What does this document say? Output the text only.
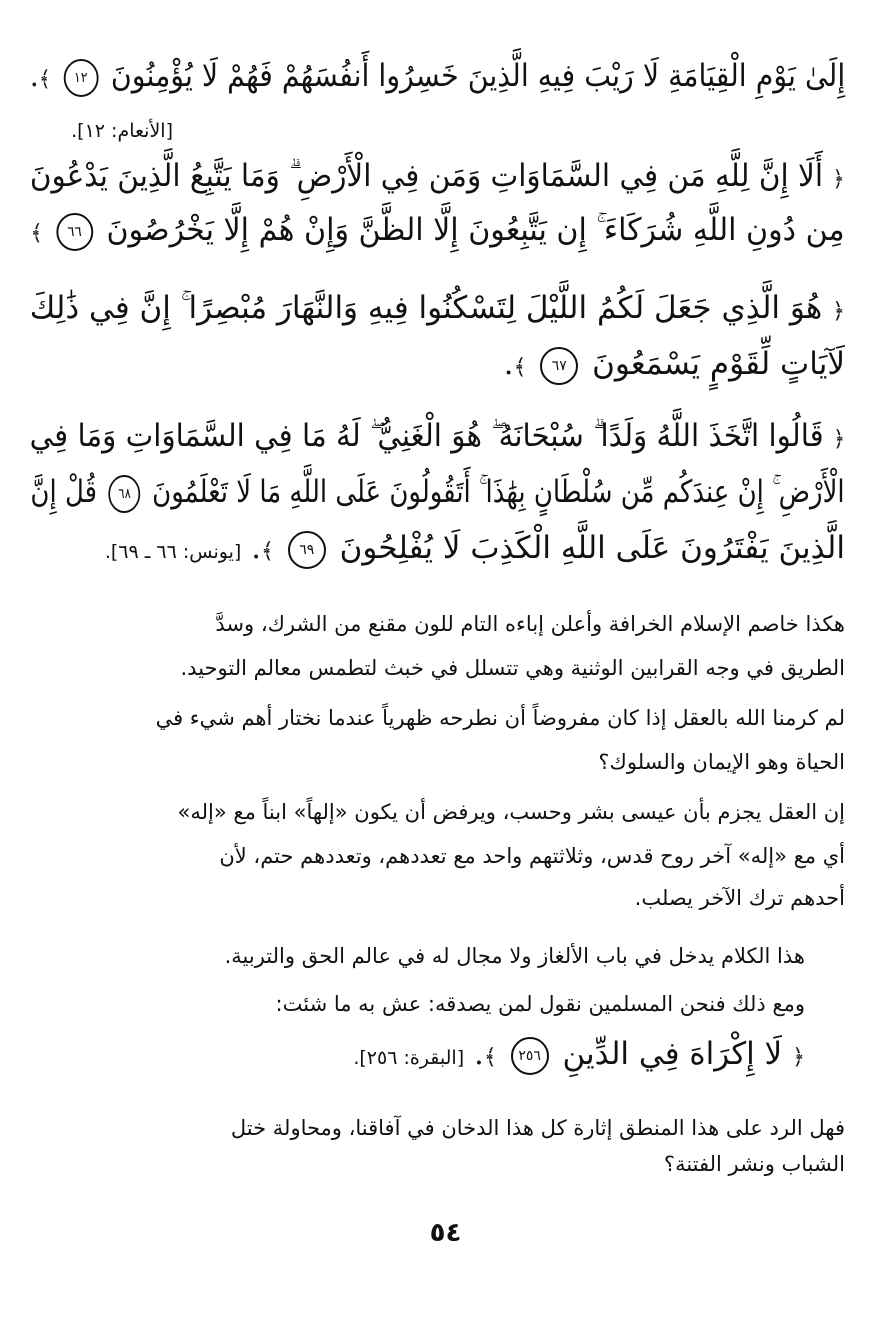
إِلَىٰ يَوْمِ الْقِيَامَةِ لَا رَيْبَ فِيهِ الَّذِينَ خَسِرُوا أَنفُسَهُمْ فَهُمْ لَا يُؤْمِنُونَ ١٢ ﴾.
[الأنعام: ١٢].
﴿ أَلَا إِنَّ لِلَّهِ مَن فِي السَّمَاوَاتِ وَمَن فِي الْأَرْضِ ۗ وَمَا يَتَّبِعُ الَّذِينَ يَدْعُونَ
مِن دُونِ اللَّهِ شُرَكَاءَ ۚ إِن يَتَّبِعُونَ إِلَّا الظَّنَّ وَإِنْ هُمْ إِلَّا يَخْرُصُونَ ٦٦ ﴾
﴿ هُوَ الَّذِي جَعَلَ لَكُمُ اللَّيْلَ لِتَسْكُنُوا فِيهِ وَالنَّهَارَ مُبْصِرًا ۚ إِنَّ فِي ذَٰلِكَ
لَآيَاتٍ لِّقَوْمٍ يَسْمَعُونَ ٦٧ ﴾.
﴿ قَالُوا اتَّخَذَ اللَّهُ وَلَدًا ۗ سُبْحَانَهُ ۖ هُوَ الْغَنِيُّ ۖ لَهُ مَا فِي السَّمَاوَاتِ وَمَا فِي
الْأَرْضِ ۚ إِنْ عِندَكُم مِّن سُلْطَانٍ بِهَٰذَا ۚ أَتَقُولُونَ عَلَى اللَّهِ مَا لَا تَعْلَمُونَ ٦٨ قُلْ إِنَّ
الَّذِينَ يَفْتَرُونَ عَلَى اللَّهِ الْكَذِبَ لَا يُفْلِحُونَ ٦٩ ﴾. [يونس: ٦٦ ـ ٦٩].
هكذا خاصم الإسلام الخرافة وأعلن إباءه التام للون مقنع من الشرك، وسدَّ
الطريق في وجه القرابين الوثنية وهي تتسلل في خبث لتطمس معالم التوحيد.
لم كرمنا الله بالعقل إذا كان مفروضاً أن نطرحه ظهرياً عندما نختار أهم شيء في
الحياة وهو الإيمان والسلوك؟
إن العقل يجزم بأن عيسى بشر وحسب، ويرفض أن يكون «إلهاً» ابناً مع «إله»
أي مع «إله» آخر روح قدس، وثلاثتهم واحد مع تعددهم، وتعددهم حتم، لأن
أحدهم ترك الآخر يصلب.
هذا الكلام يدخل في باب الألغاز ولا مجال له في عالم الحق والتربية.
ومع ذلك فنحن المسلمين نقول لمن يصدقه: عش به ما شئت:
﴿ لَا إِكْرَاهَ فِي الدِّينِ ٢٥٦ ﴾. [البقرة: ٢٥٦].
فهل الرد على هذا المنطق إثارة كل هذا الدخان في آفاقنا، ومحاولة ختل
الشباب ونشر الفتنة؟
٥٤
